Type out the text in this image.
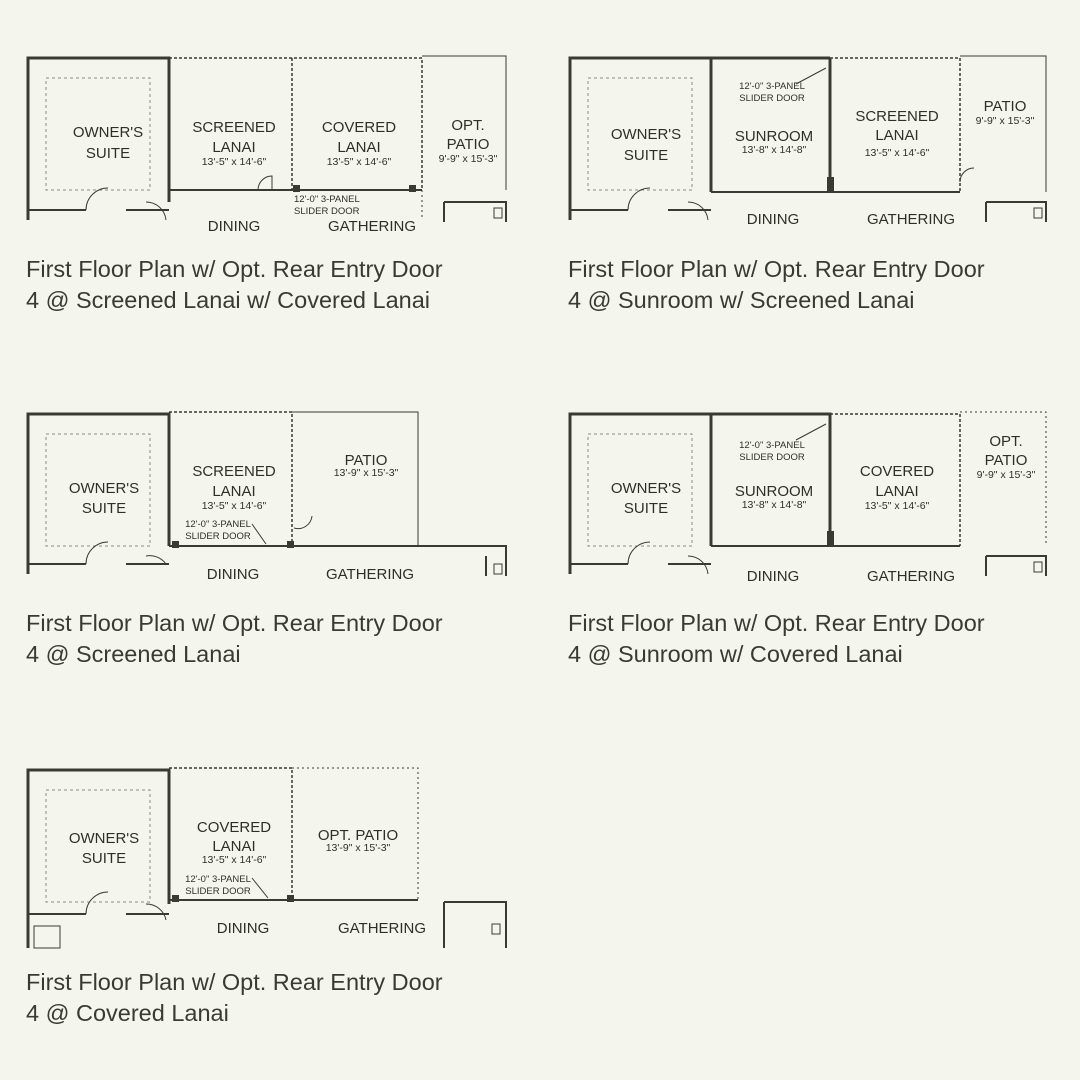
OWNER'S
SUITE
SCREENED
LANAI
13'-5" x 14'-6"
COVERED
LANAI
13'-5" x 14'-6"
OPT.
PATIO
9'-9" x 15'-3"
12'-0" 3-PANEL
SLIDER DOOR
DINING	GATHERING
First Floor Plan w/ Opt. Rear Entry Door
4 @ Screened Lanai w/ Covered Lanai
OWNER'S
SUITE
12'-0" 3-PANEL
SLIDER DOOR
SUNROOM
13'-8" x 14'-8"
SCREENED
LANAI
13'-5" x 14'-6"
PATIO
9'-9" x 15'-3"
DINING	GATHERING
First Floor Plan w/ Opt. Rear Entry Door
4 @ Sunroom w/ Screened Lanai
OWNER'S
SUITE
SCREENED
LANAI
13'-5" x 14'-6"
12'-0" 3-PANEL
SLIDER DOOR
PATIO
13'-9" x 15'-3"
DINING	GATHERING
First Floor Plan w/ Opt. Rear Entry Door
4 @ Screened Lanai
OWNER'S
SUITE
12'-0" 3-PANEL
SLIDER DOOR
SUNROOM
13'-8" x 14'-8"
COVERED
LANAI
13'-5" x 14'-6"
OPT.
PATIO
9'-9" x 15'-3"
DINING	GATHERING
First Floor Plan w/ Opt. Rear Entry Door
4 @ Sunroom w/ Covered Lanai
OWNER'S
SUITE
COVERED
LANAI
13'-5" x 14'-6"
12'-0" 3-PANEL
SLIDER DOOR
OPT. PATIO
13'-9" x 15'-3"
DINING	GATHERING
First Floor Plan w/ Opt. Rear Entry Door
4 @ Covered Lanai
